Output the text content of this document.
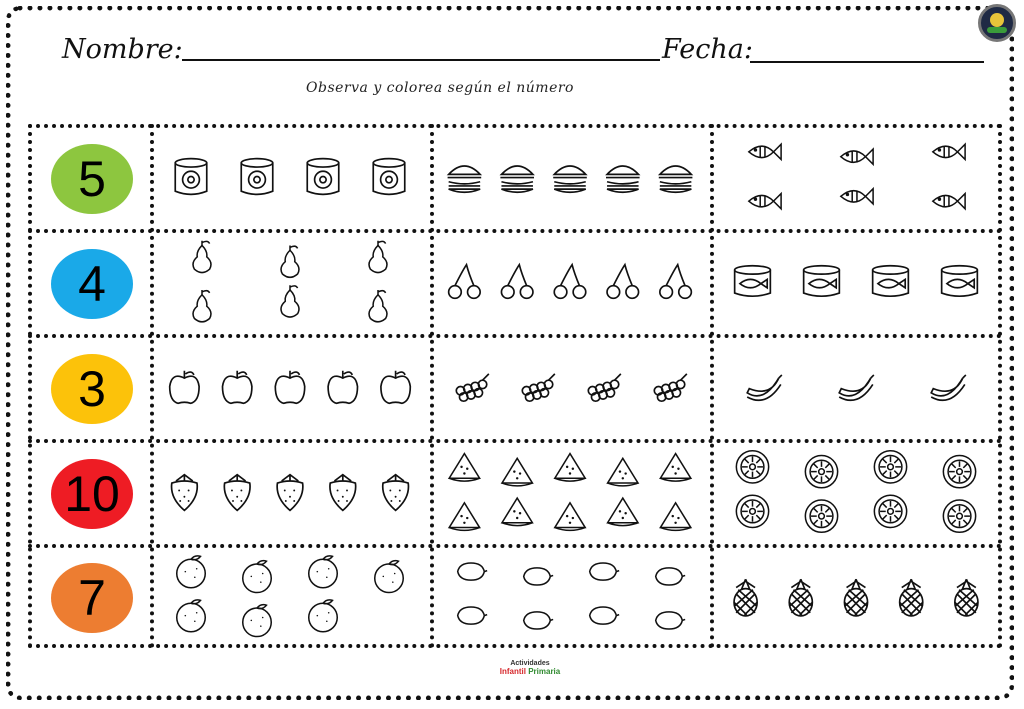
Nombre:	Fecha:
Observa y colorea según el número
5
4
3
10
7
Actividades
Infantil Primaria
